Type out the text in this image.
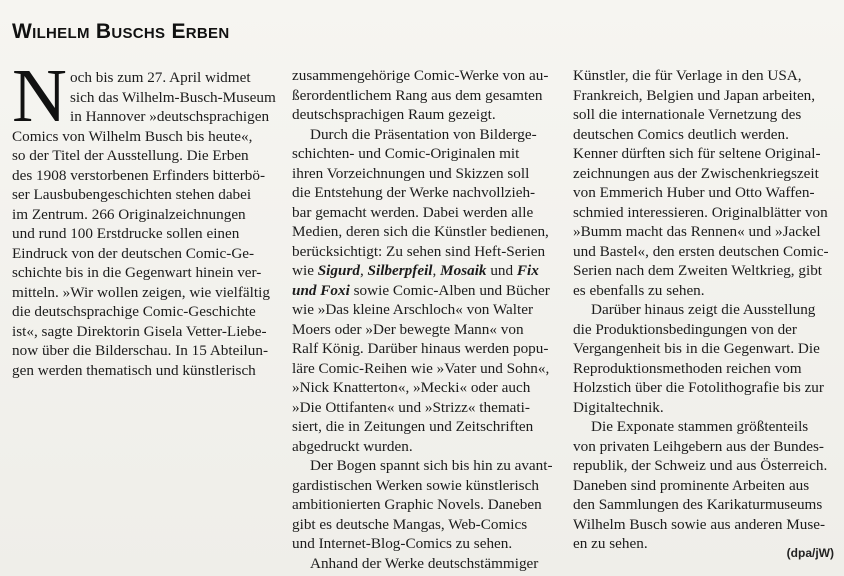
Wilhelm Buschs Erben
N och bis zum 27. April widmet
sich das Wilhelm-Busch-Museum
in Hannover »deutschsprachigen
Comics von Wilhelm Busch bis heute«,
so der Titel der Ausstellung. Die Erben
des 1908 verstorbenen Erfinders bitterbö-
ser Lausbubengeschichten stehen dabei
im Zentrum. 266 Originalzeichnungen
und rund 100 Erstdrucke sollen einen
Eindruck von der deutschen Comic-Ge-
schichte bis in die Gegenwart hinein ver-
mitteln. »Wir wollen zeigen, wie vielfältig
die deutschsprachige Comic-Geschichte
ist«, sagte Direktorin Gisela Vetter-Liebe-
now über die Bilderschau. In 15 Abteilun-
gen werden thematisch und künstlerisch
zusammengehörige Comic-Werke von au-
ßerordentlichem Rang aus dem gesamten
deutschsprachigen Raum gezeigt.
Durch die Präsentation von Bilderge-
schichten- und Comic-Originalen mit
ihren Vorzeichnungen und Skizzen soll
die Entstehung der Werke nachvollzieh-
bar gemacht werden. Dabei werden alle
Medien, deren sich die Künstler bedienen,
berücksichtigt: Zu sehen sind Heft-Serien
wie Sigurd, Silberpfeil, Mosaik und Fix
und Foxi sowie Comic-Alben und Bücher
wie »Das kleine Arschloch« von Walter
Moers oder »Der bewegte Mann« von
Ralf König. Darüber hinaus werden popu-
läre Comic-Reihen wie »Vater und Sohn«,
»Nick Knatterton«, »Mecki« oder auch
»Die Ottifanten« und »Strizz« themati-
siert, die in Zeitungen und Zeitschriften
abgedruckt wurden.
Der Bogen spannt sich bis hin zu avant-
gardistischen Werken sowie künstlerisch
ambitionierten Graphic Novels. Daneben
gibt es deutsche Mangas, Web-Comics
und Internet-Blog-Comics zu sehen.
Anhand der Werke deutschstämmiger
Künstler, die für Verlage in den USA,
Frankreich, Belgien und Japan arbeiten,
soll die internationale Vernetzung des
deutschen Comics deutlich werden.
Kenner dürften sich für seltene Original-
zeichnungen aus der Zwischenkriegszeit
von Emmerich Huber und Otto Waffen-
schmied interessieren. Originalblätter von
»Bumm macht das Rennen« und »Jackel
und Bastel«, den ersten deutschen Comic-
Serien nach dem Zweiten Weltkrieg, gibt
es ebenfalls zu sehen.
Darüber hinaus zeigt die Ausstellung
die Produktionsbedingungen von der
Vergangenheit bis in die Gegenwart. Die
Reproduktionsmethoden reichen vom
Holzstich über die Fotolithografie bis zur
Digitaltechnik.
Die Exponate stammen größtenteils
von privaten Leihgebern aus der Bundes-
republik, der Schweiz und aus Österreich.
Daneben sind prominente Arbeiten aus
den Sammlungen des Karikaturmuseums
Wilhelm Busch sowie aus anderen Muse-
en zu sehen.
(dpa/jW)
